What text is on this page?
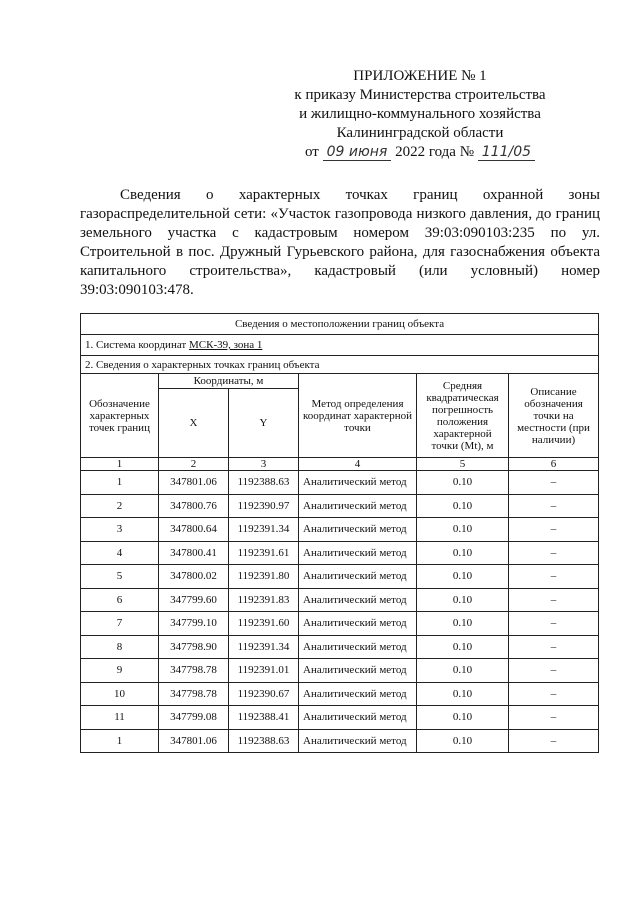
ПРИЛОЖЕНИЕ № 1
к приказу Министерства строительства
и жилищно-коммунального хозяйства
Калининградской области
от 09 июня 2022 года № 111/05
Сведения о характерных точках границ охранной зоны газораспределительной сети: «Участок газопровода низкого давления, до границ земельного участка с кадастровым номером 39:03:090103:235 по ул. Строительной в пос. Дружный Гурьевского района, для газоснабжения объекта капитального строительства», кадастровый (или условный) номер 39:03:090103:478.
Сведения о местоположении границ объекта					
1. Система координат МСК-39, зона 1					
2. Сведения о характерных точках границ объекта					
Обозначение характерных точек границ	Координаты, м		Метод определения координат характерной точки	Средняя квадратическая погрешность положения характерной точки (Mt), м	Описание обозначения точки на местности (при наличии)
	X	Y			
1	2	3	4	5	6
1	347801.06	1192388.63	Аналитический метод	0.10	–
2	347800.76	1192390.97	Аналитический метод	0.10	–
3	347800.64	1192391.34	Аналитический метод	0.10	–
4	347800.41	1192391.61	Аналитический метод	0.10	–
5	347800.02	1192391.80	Аналитический метод	0.10	–
6	347799.60	1192391.83	Аналитический метод	0.10	–
7	347799.10	1192391.60	Аналитический метод	0.10	–
8	347798.90	1192391.34	Аналитический метод	0.10	–
9	347798.78	1192391.01	Аналитический метод	0.10	–
10	347798.78	1192390.67	Аналитический метод	0.10	–
11	347799.08	1192388.41	Аналитический метод	0.10	–
1	347801.06	1192388.63	Аналитический метод	0.10	–
